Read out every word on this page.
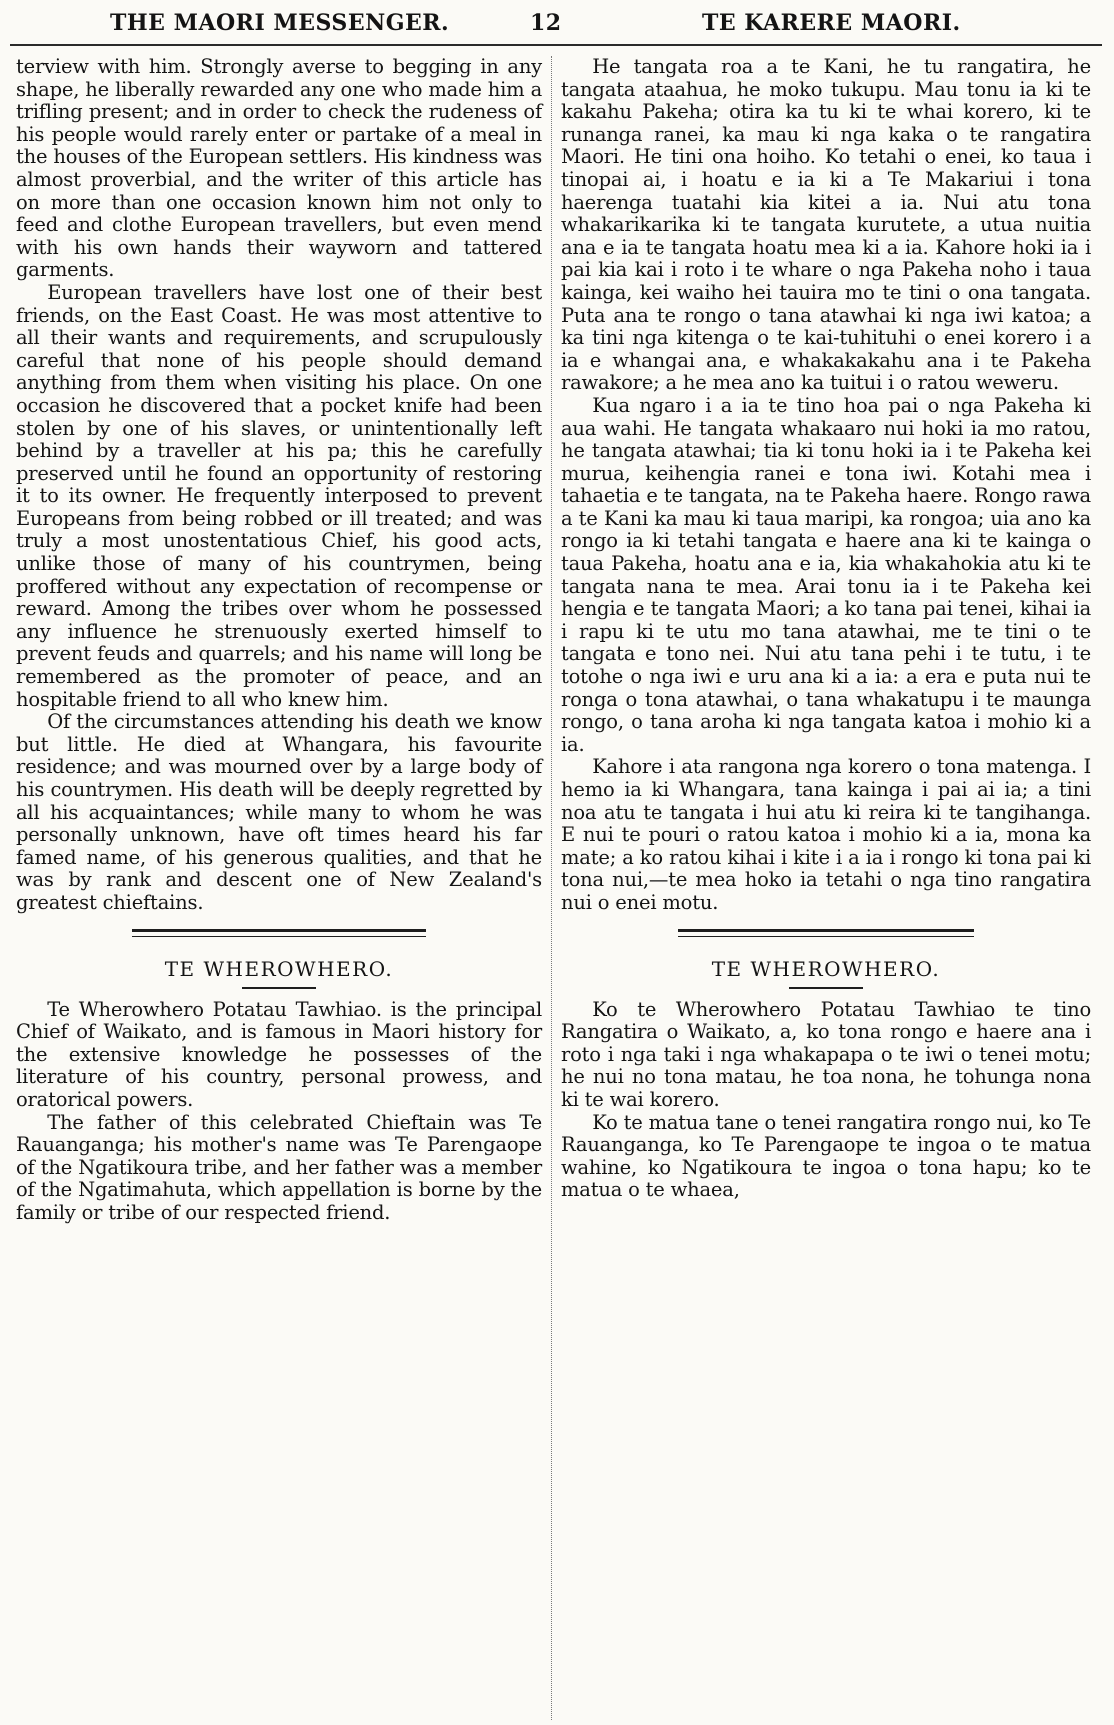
THE MAORI MESSENGER.	12	TE KARERE MAORI.

terview with him. Strongly averse to begging in any shape, he liberally rewarded any one who made him a trifling present; and in order to check the rudeness of his people would rarely enter or partake of a meal in the houses of the European settlers. His kindness was almost proverbial, and the writer of this article has on more than one occasion known him not only to feed and clothe European travellers, but even mend with his own hands their wayworn and tattered garments.

European travellers have lost one of their best friends, on the East Coast. He was most attentive to all their wants and requirements, and scrupulously careful that none of his people should demand anything from them when visiting his place. On one occasion he discovered that a pocket knife had been stolen by one of his slaves, or unintentionally left behind by a traveller at his pa; this he carefully preserved until he found an opportunity of restoring it to its owner. He frequently interposed to prevent Europeans from being robbed or ill treated; and was truly a most unostentatious Chief, his good acts, unlike those of many of his countrymen, being proffered without any expectation of recompense or reward. Among the tribes over whom he possessed any influence he strenuously exerted himself to prevent feuds and quarrels; and his name will long be remembered as the promoter of peace, and an hospitable friend to all who knew him.

Of the circumstances attending his death we know but little. He died at Whangara, his favourite residence; and was mourned over by a large body of his countrymen. His death will be deeply regretted by all his acquaintances; while many to whom he was personally unknown, have oft times heard his far famed name, of his generous qualities, and that he was by rank and descent one of New Zealand's greatest chieftains.

TE WHEROWHERO.

Te Wherowhero Potatau Tawhiao. is the principal Chief of Waikato, and is famous in Maori history for the extensive knowledge he possesses of the literature of his country, personal prowess, and oratorical powers.

The father of this celebrated Chieftain was Te Rauanganga; his mother's name was Te Parengaope of the Ngatikoura tribe, and her father was a member of the Ngatimahuta, which appellation is borne by the family or tribe of our respected friend.

He tangata roa a te Kani, he tu rangatira, he tangata ataahua, he moko tukupu. Mau tonu ia ki te kakahu Pakeha; otira ka tu ki te whai korero, ki te runanga ranei, ka mau ki nga kaka o te rangatira Maori. He tini ona hoiho. Ko tetahi o enei, ko taua i tinopai ai, i hoatu e ia ki a Te Makariui i tona haerenga tuatahi kia kitei a ia. Nui atu tona whakarikarika ki te tangata kurutete, a utua nuitia ana e ia te tangata hoatu mea ki a ia. Kahore hoki ia i pai kia kai i roto i te whare o nga Pakeha noho i taua kainga, kei waiho hei tauira mo te tini o ona tangata. Puta ana te rongo o tana atawhai ki nga iwi katoa; a ka tini nga kitenga o te kai-tuhituhi o enei korero i a ia e whangai ana, e whakakakahu ana i te Pakeha rawakore; a he mea ano ka tuitui i o ratou weweru.

Kua ngaro i a ia te tino hoa pai o nga Pakeha ki aua wahi. He tangata whakaaro nui hoki ia mo ratou, he tangata atawhai; tia ki tonu hoki ia i te Pakeha kei murua, keihengia ranei e tona iwi. Kotahi mea i tahaetia e te tangata, na te Pakeha haere. Rongo rawa a te Kani ka mau ki taua maripi, ka rongoa; uia ano ka rongo ia ki tetahi tangata e haere ana ki te kainga o taua Pakeha, hoatu ana e ia, kia whakahokia atu ki te tangata nana te mea. Arai tonu ia i te Pakeha kei hengia e te tangata Maori; a ko tana pai tenei, kihai ia i rapu ki te utu mo tana atawhai, me te tini o te tangata e tono nei. Nui atu tana pehi i te tutu, i te totohe o nga iwi e uru ana ki a ia: a era e puta nui te ronga o tona atawhai, o tana whakatupu i te maunga rongo, o tana aroha ki nga tangata katoa i mohio ki a ia.

Kahore i ata rangona nga korero o tona matenga. I hemo ia ki Whangara, tana kainga i pai ai ia; a tini noa atu te tangata i hui atu ki reira ki te tangihanga. E nui te pouri o ratou katoa i mohio ki a ia, mona ka mate; a ko ratou kihai i kite i a ia i rongo ki tona pai ki tona nui,—te mea hoko ia tetahi o nga tino rangatira nui o enei motu.

TE WHEROWHERO.

Ko te Wherowhero Potatau Tawhiao te tino Rangatira o Waikato, a, ko tona rongo e haere ana i roto i nga taki i nga whakapapa o te iwi o tenei motu; he nui no tona matau, he toa nona, he tohunga nona ki te wai korero.

Ko te matua tane o tenei rangatira rongo nui, ko Te Rauanganga, ko Te Parengaope te ingoa o te matua wahine, ko Ngatikoura te ingoa o tona hapu; ko te matua o te whaea,
